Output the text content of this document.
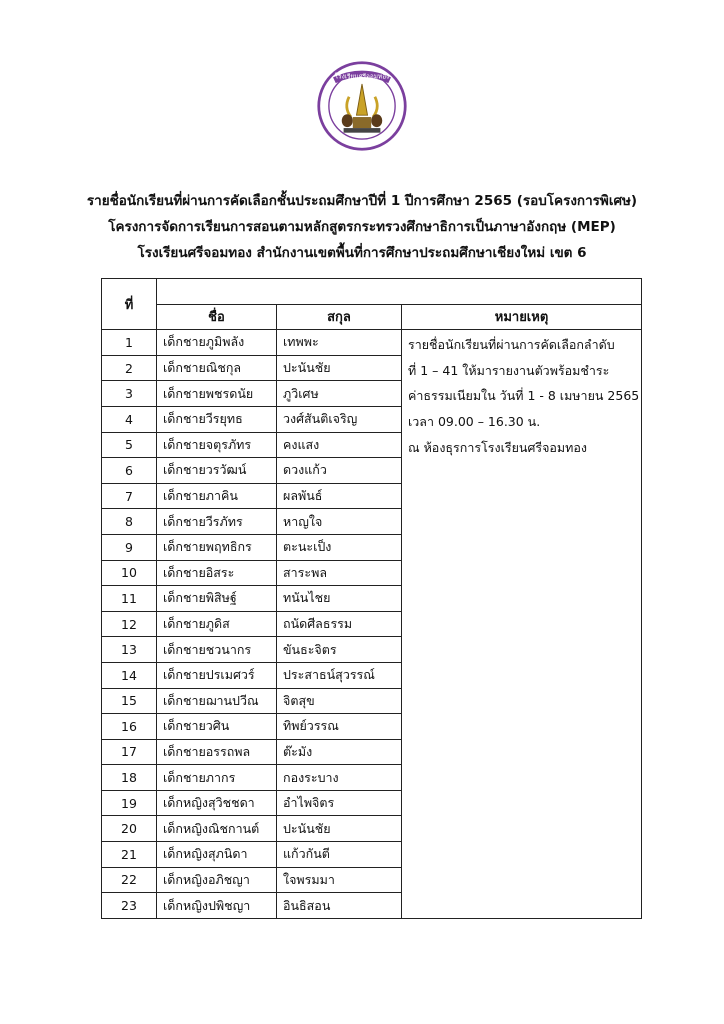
โรงเรียนศรีจอมทอง
รายชื่อนักเรียนที่ผ่านการคัดเลือกชั้นประถมศึกษาปีที่ 1 ปีการศึกษา 2565 (รอบโครงการพิเศษ)
โครงการจัดการเรียนการสอนตามหลักสูตรกระทรวงศึกษาธิการเป็นภาษาอังกฤษ (MEP)
โรงเรียนศรีจอมทอง สำนักงานเขตพื้นที่การศึกษาประถมศึกษาเชียงใหม่ เขต 6
ที่			
	ชื่อ	สกุล	หมายเหตุ
1	เด็กชายภูมิพลัง	เทพพะ	รายชื่อนักเรียนที่ผ่านการคัดเลือกลำดับ
ที่ 1 – 41 ให้มารายงานตัวพร้อมชำระ
ค่าธรรมเนียมใน วันที่ 1 - 8 เมษายน 2565
เวลา 09.00 – 16.30 น.
ณ ห้องธุรการโรงเรียนศรีจอมทอง

2	เด็กชายณิชกุล	ปะนันชัย	
3	เด็กชายพชรดนัย	ภูวิเศษ	
4	เด็กชายวีรยุทธ	วงศ์สันติเจริญ	
5	เด็กชายจตุรภัทร	คงแสง	
6	เด็กชายวรวัฒน์	ดวงแก้ว	
7	เด็กชายภาคิน	ผลพันธ์	
8	เด็กชายวีรภัทร	หาญใจ	
9	เด็กชายพฤทธิกร	ตะนะเป็ง	
10	เด็กชายอิสระ	สาระพล	
11	เด็กชายพิสิษฐ์	ทนันไชย	
12	เด็กชายภูดิส	ถนัดศีลธรรม	
13	เด็กชายชวนากร	ขันธะจิตร	
14	เด็กชายปรเมศวร์	ประสาธน์สุวรรณ์	
15	เด็กชายฌานปวีณ	จิตสุข	
16	เด็กชายวศิน	ทิพย์วรรณ	
17	เด็กชายอรรถพล	ต๊ะมัง	
18	เด็กชายภากร	กองระบาง	
19	เด็กหญิงสุวิชชดา	อำไพจิตร	
20	เด็กหญิงณิชกานต์	ปะนันชัย	
21	เด็กหญิงสุภนิดา	แก้วกันตี	
22	เด็กหญิงอภิชญา	ใจพรมมา	
23	เด็กหญิงปพิชญา	อินธิสอน	
